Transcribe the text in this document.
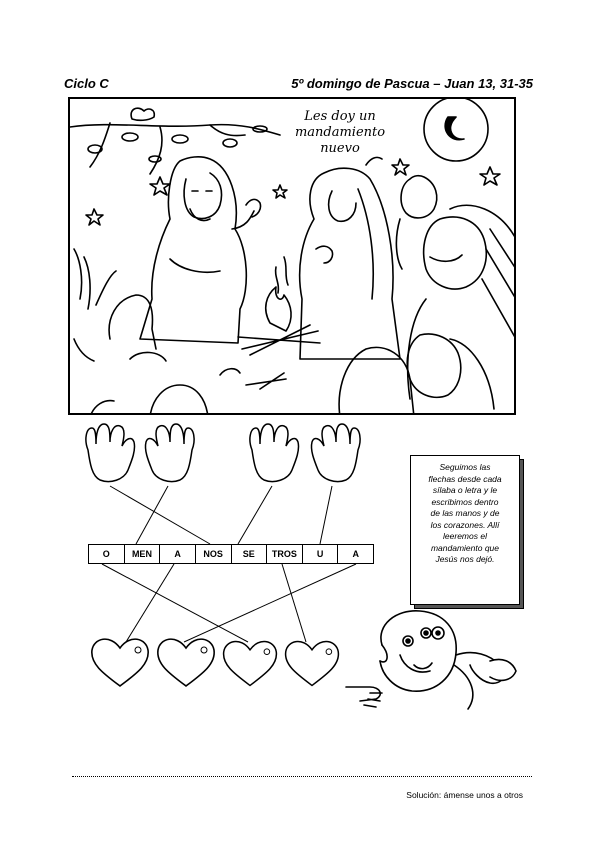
Ciclo C	5º domingo de Pascua – Juan 13, 31-35
Les doy un
mandamiento
nuevo
O	MEN	A	NOS	SE	TROS	U	A
Seguimos las
flechas desde cada
sílaba o letra y le
escribimos dentro
de las manos y de
los corazones. Allí
leeremos el
mandamiento que
Jesús nos dejó.
Solución: ámense unos a otros
